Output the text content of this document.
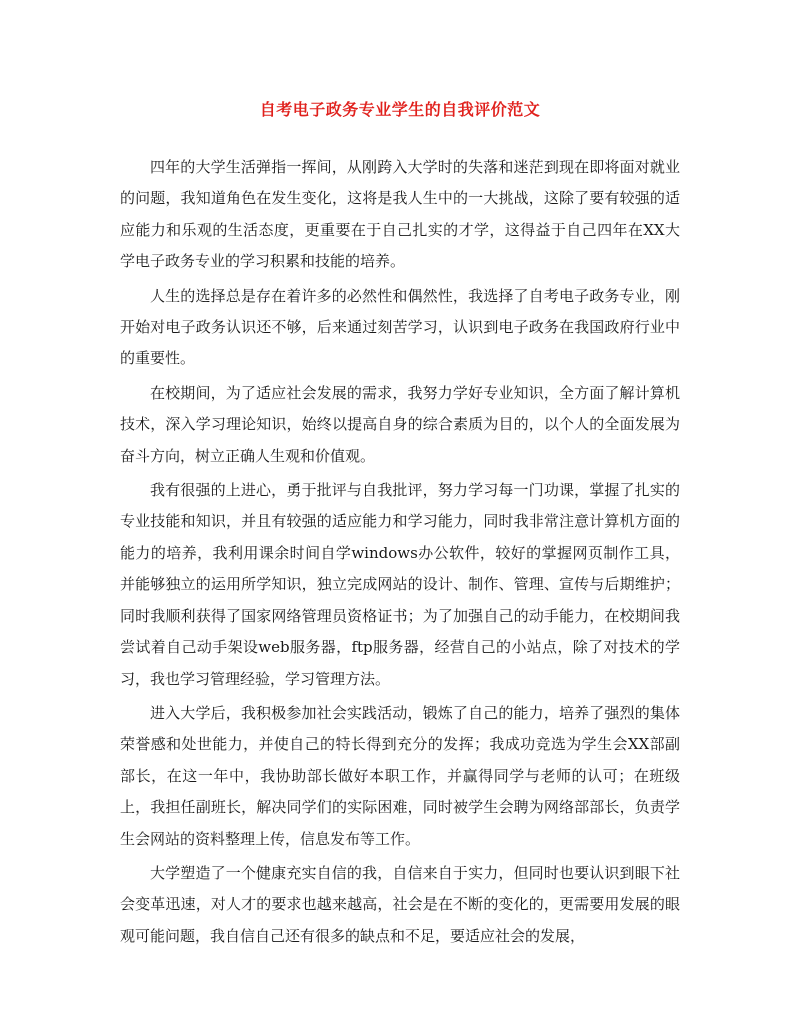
自考电子政务专业学生的自我评价范文

四年的大学生活弹指一挥间，从刚跨入大学时的失落和迷茫到现在即将面对就业的问题，我知道角色在发生变化，这将是我人生中的一大挑战，这除了要有较强的适应能力和乐观的生活态度，更重要在于自己扎实的才学，这得益于自己四年在XX大学电子政务专业的学习积累和技能的培养。

人生的选择总是存在着许多的必然性和偶然性，我选择了自考电子政务专业，刚开始对电子政务认识还不够，后来通过刻苦学习，认识到电子政务在我国政府行业中的重要性。

在校期间，为了适应社会发展的需求，我努力学好专业知识，全方面了解计算机技术，深入学习理论知识，始终以提高自身的综合素质为目的，以个人的全面发展为奋斗方向，树立正确人生观和价值观。

我有很强的上进心，勇于批评与自我批评，努力学习每一门功课，掌握了扎实的专业技能和知识，并且有较强的适应能力和学习能力，同时我非常注意计算机方面的能力的培养，我利用课余时间自学windows办公软件，较好的掌握网页制作工具，并能够独立的运用所学知识，独立完成网站的设计、制作、管理、宣传与后期维护；同时我顺利获得了国家网络管理员资格证书；为了加强自己的动手能力，在校期间我尝试着自己动手架设web服务器，ftp服务器，经营自己的小站点，除了对技术的学习，我也学习管理经验，学习管理方法。

进入大学后，我积极参加社会实践活动，锻炼了自己的能力，培养了强烈的集体荣誉感和处世能力，并使自己的特长得到充分的发挥；我成功竞选为学生会XX部副部长，在这一年中，我协助部长做好本职工作，并赢得同学与老师的认可；在班级上，我担任副班长，解决同学们的实际困难，同时被学生会聘为网络部部长，负责学生会网站的资料整理上传，信息发布等工作。

大学塑造了一个健康充实自信的我，自信来自于实力，但同时也要认识到眼下社会变革迅速，对人才的要求也越来越高，社会是在不断的变化的，更需要用发展的眼观可能问题，我自信自己还有很多的缺点和不足，要适应社会的发展，
